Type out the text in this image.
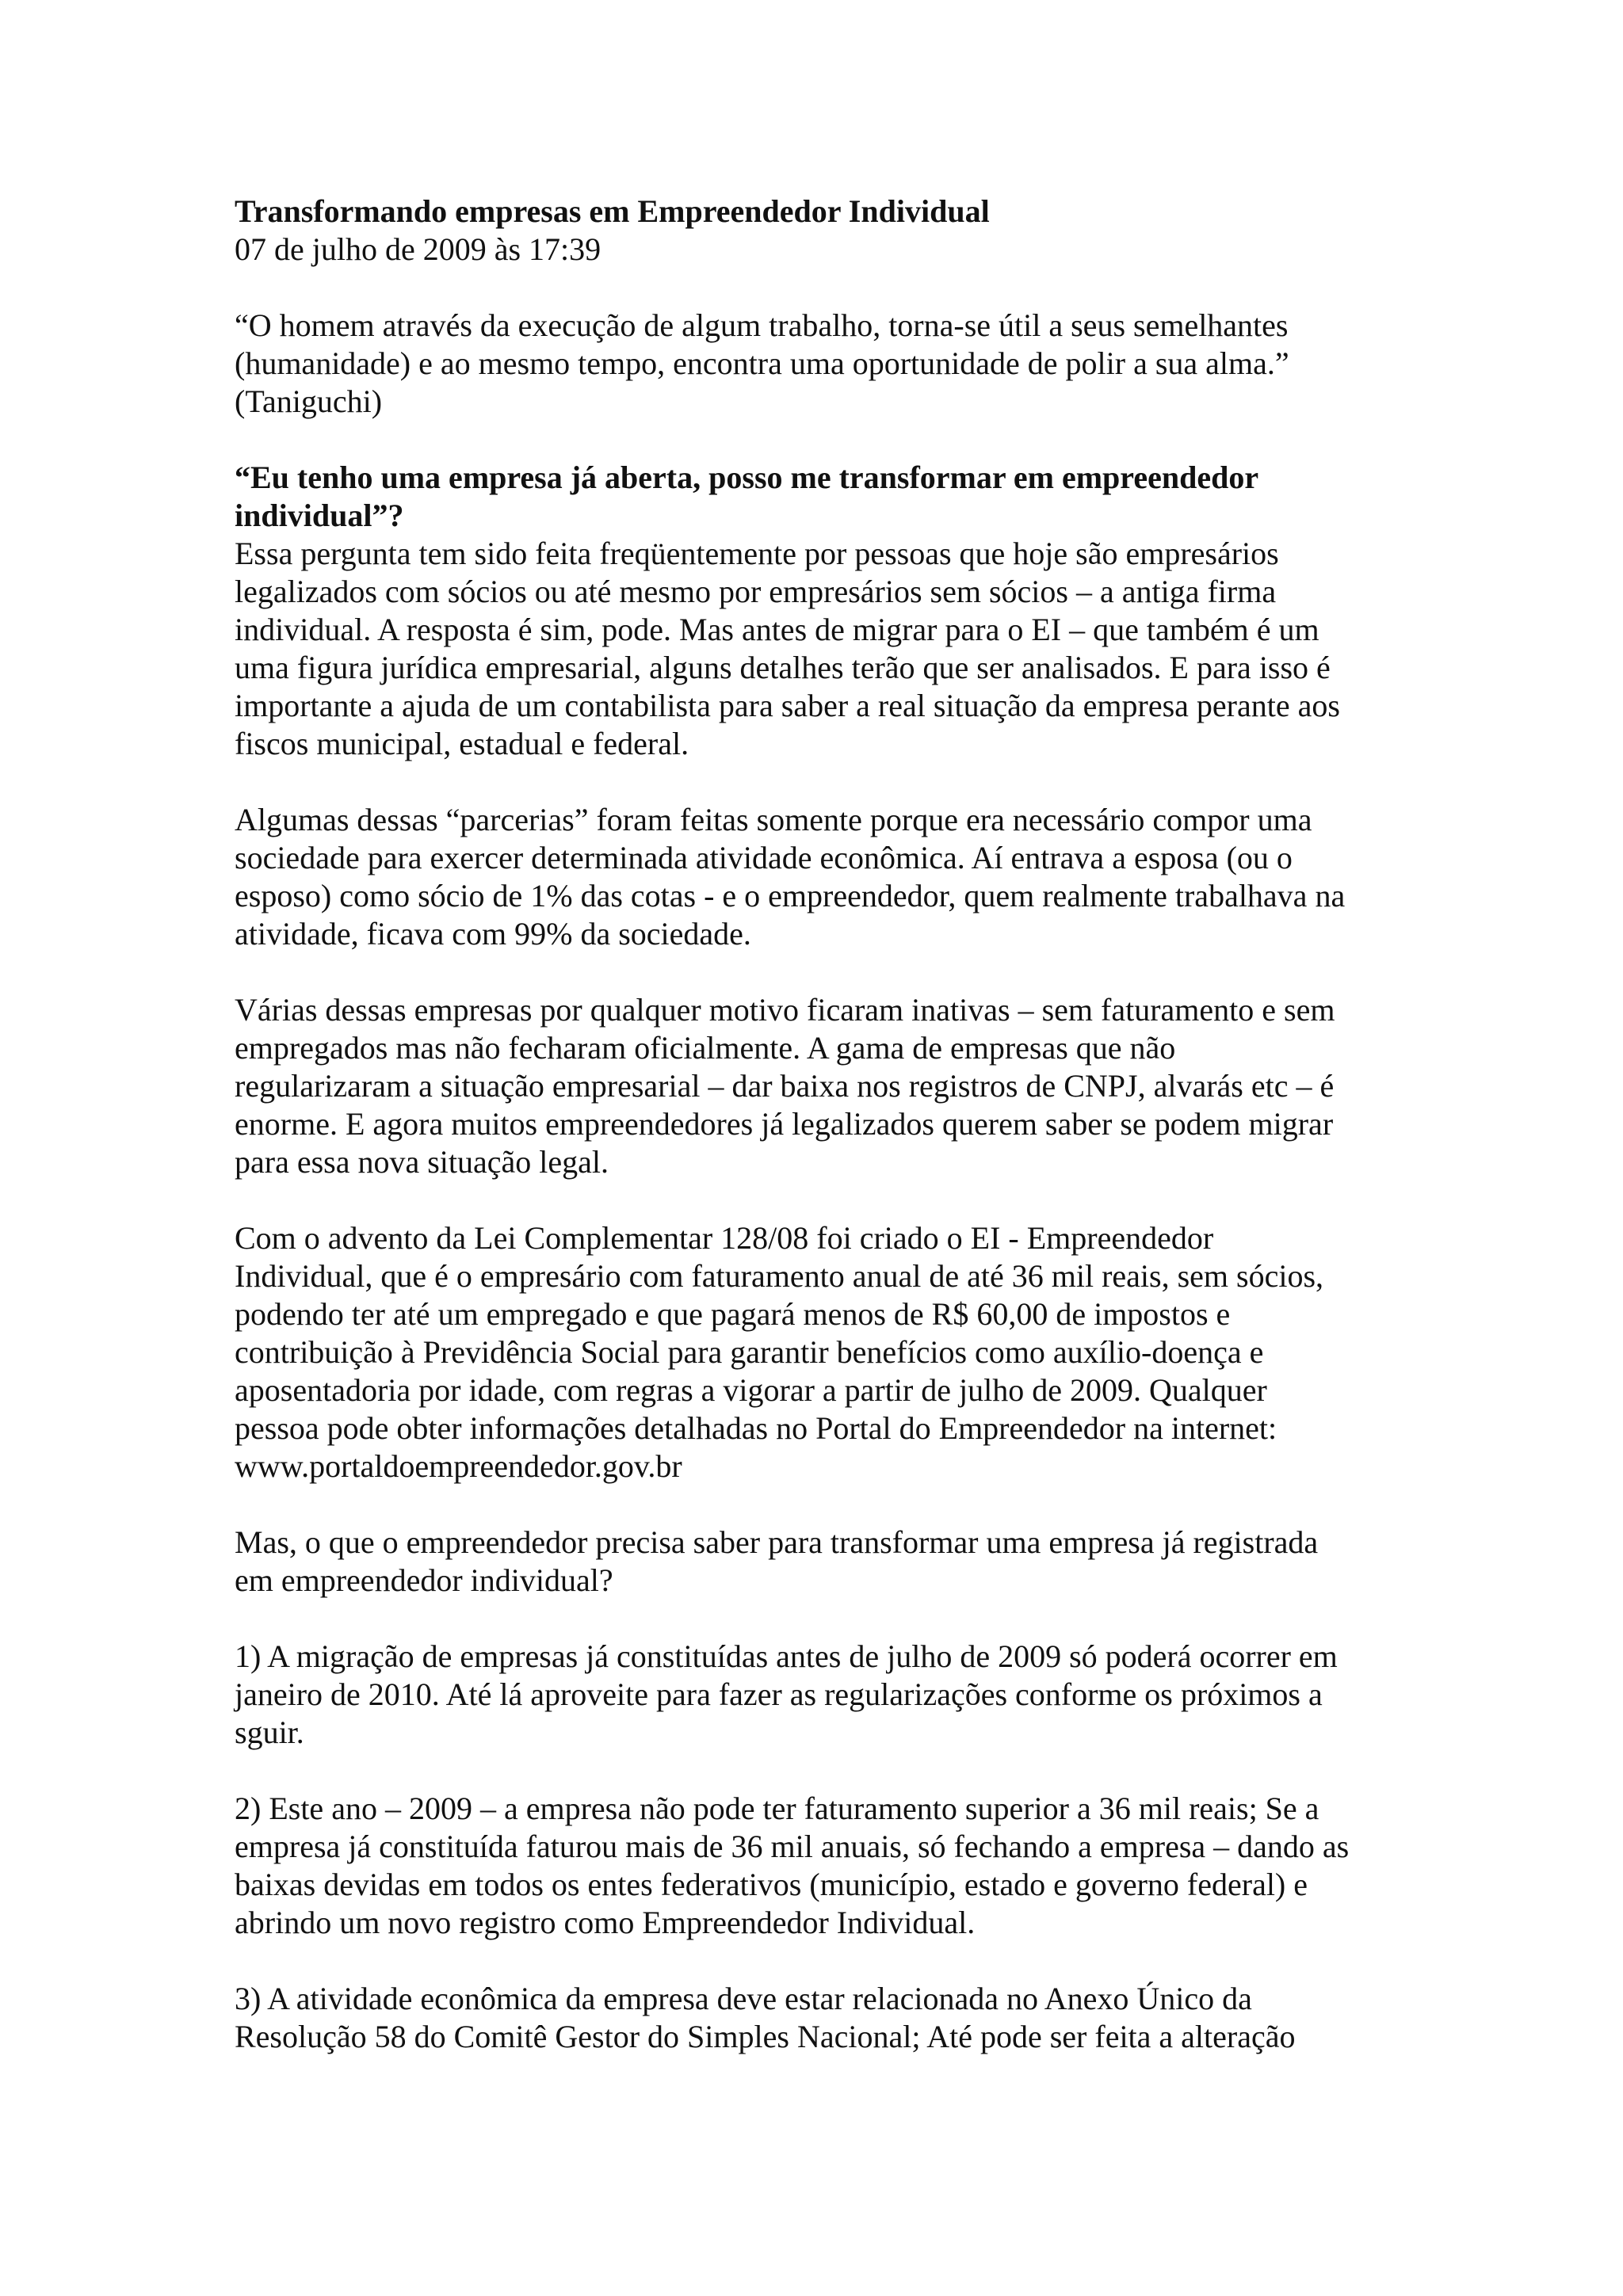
Transformando empresas em Empreendedor Individual
07 de julho de 2009 às 17:39
“O homem através da execução de algum trabalho, torna-se útil a seus semelhantes
(humanidade) e ao mesmo tempo, encontra uma oportunidade de polir a sua alma.”
(Taniguchi)
“Eu tenho uma empresa já aberta, posso me transformar em empreendedor
individual”?
Essa pergunta tem sido feita freqüentemente por pessoas que hoje são empresários
legalizados com sócios ou até mesmo por empresários sem sócios – a antiga firma
individual. A resposta é sim, pode. Mas antes de migrar para o EI – que também é um
uma figura jurídica empresarial, alguns detalhes terão que ser analisados. E para isso é
importante a ajuda de um contabilista para saber a real situação da empresa perante aos
fiscos municipal, estadual e federal.
Algumas dessas “parcerias” foram feitas somente porque era necessário compor uma
sociedade para exercer determinada atividade econômica. Aí entrava a esposa (ou o
esposo) como sócio de 1% das cotas - e o empreendedor, quem realmente trabalhava na
atividade, ficava com 99% da sociedade.
Várias dessas empresas por qualquer motivo ficaram inativas – sem faturamento e sem
empregados mas não fecharam oficialmente. A gama de empresas que não
regularizaram a situação empresarial – dar baixa nos registros de CNPJ, alvarás etc – é
enorme. E agora muitos empreendedores já legalizados querem saber se podem migrar
para essa nova situação legal.
Com o advento da Lei Complementar 128/08 foi criado o EI - Empreendedor
Individual, que é o empresário com faturamento anual de até 36 mil reais, sem sócios,
podendo ter até um empregado e que pagará menos de R$ 60,00 de impostos e
contribuição à Previdência Social para garantir benefícios como auxílio-doença e
aposentadoria por idade, com regras a vigorar a partir de julho de 2009. Qualquer
pessoa pode obter informações detalhadas no Portal do Empreendedor na internet:
www.portaldoempreendedor.gov.br
Mas, o que o empreendedor precisa saber para transformar uma empresa já registrada
em empreendedor individual?
1) A migração de empresas já constituídas antes de julho de 2009 só poderá ocorrer em
janeiro de 2010. Até lá aproveite para fazer as regularizações conforme os próximos a
sguir.
2) Este ano – 2009 – a empresa não pode ter faturamento superior a 36 mil reais; Se a
empresa já constituída faturou mais de 36 mil anuais, só fechando a empresa – dando as
baixas devidas em todos os entes federativos (município, estado e governo federal) e
abrindo um novo registro como Empreendedor Individual.
3) A atividade econômica da empresa deve estar relacionada no Anexo Único da
Resolução 58 do Comitê Gestor do Simples Nacional; Até pode ser feita a alteração
